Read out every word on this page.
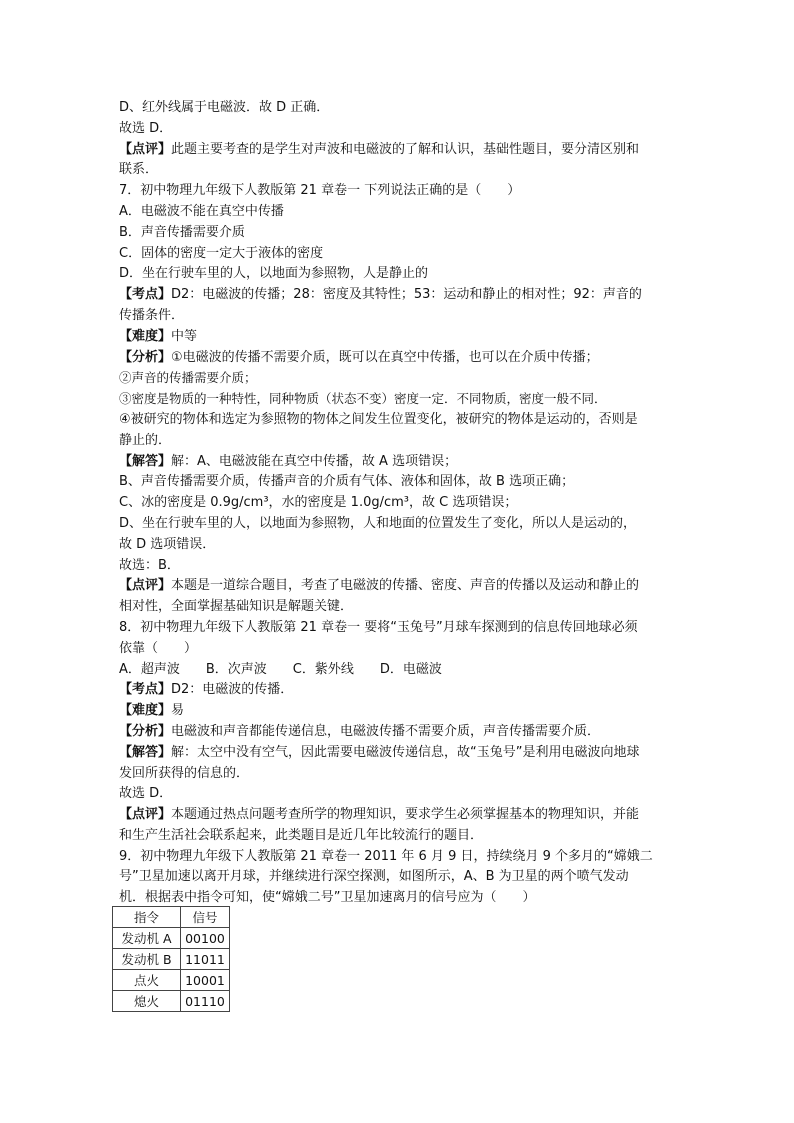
D、红外线属于电磁波．故 D 正确．
故选 D．
【点评】此题主要考查的是学生对声波和电磁波的了解和认识，基础性题目，要分清区别和
联系．
7．初中物理九年级下人教版第 21 章卷一 下列说法正确的是（　　）
A．电磁波不能在真空中传播
B．声音传播需要介质
C．固体的密度一定大于液体的密度
D．坐在行驶车里的人，以地面为参照物，人是静止的
【考点】D2：电磁波的传播；28：密度及其特性；53：运动和静止的相对性；92：声音的
传播条件．
【难度】中等
【分析】①电磁波的传播不需要介质，既可以在真空中传播，也可以在介质中传播；
②声音的传播需要介质；
③密度是物质的一种特性，同种物质（状态不变）密度一定．不同物质，密度一般不同．
④被研究的物体和选定为参照物的物体之间发生位置变化，被研究的物体是运动的，否则是
静止的．
【解答】解：A、电磁波能在真空中传播，故 A 选项错误；
B、声音传播需要介质，传播声音的介质有气体、液体和固体，故 B 选项正确；
C、冰的密度是 0.9g/cm³，水的密度是 1.0g/cm³，故 C 选项错误；
D、坐在行驶车里的人，以地面为参照物，人和地面的位置发生了变化，所以人是运动的，
故 D 选项错误．
故选：B．
【点评】本题是一道综合题目，考查了电磁波的传播、密度、声音的传播以及运动和静止的
相对性，全面掌握基础知识是解题关键．
8．初中物理九年级下人教版第 21 章卷一 要将“玉兔号”月球车探测到的信息传回地球必须
依靠（　　）
A．超声波　　B．次声波　　C．紫外线　　D．电磁波
【考点】D2：电磁波的传播．
【难度】易
【分析】电磁波和声音都能传递信息，电磁波传播不需要介质，声音传播需要介质．
【解答】解：太空中没有空气，因此需要电磁波传递信息，故“玉兔号”是利用电磁波向地球
发回所获得的信息的．
故选 D．
【点评】本题通过热点问题考查所学的物理知识，要求学生必须掌握基本的物理知识，并能
和生产生活社会联系起来，此类题目是近几年比较流行的题目．
9．初中物理九年级下人教版第 21 章卷一 2011 年 6 月 9 日，持续绕月 9 个多月的“嫦娥二
号”卫星加速以离开月球，并继续进行深空探测，如图所示，A、B 为卫星的两个喷气发动
机．根据表中指令可知，使“嫦娥二号”卫星加速离月的信号应为（　　）
指令	信号
发动机 A	00100
发动机 B	11011
点火	10001
熄火	01110
